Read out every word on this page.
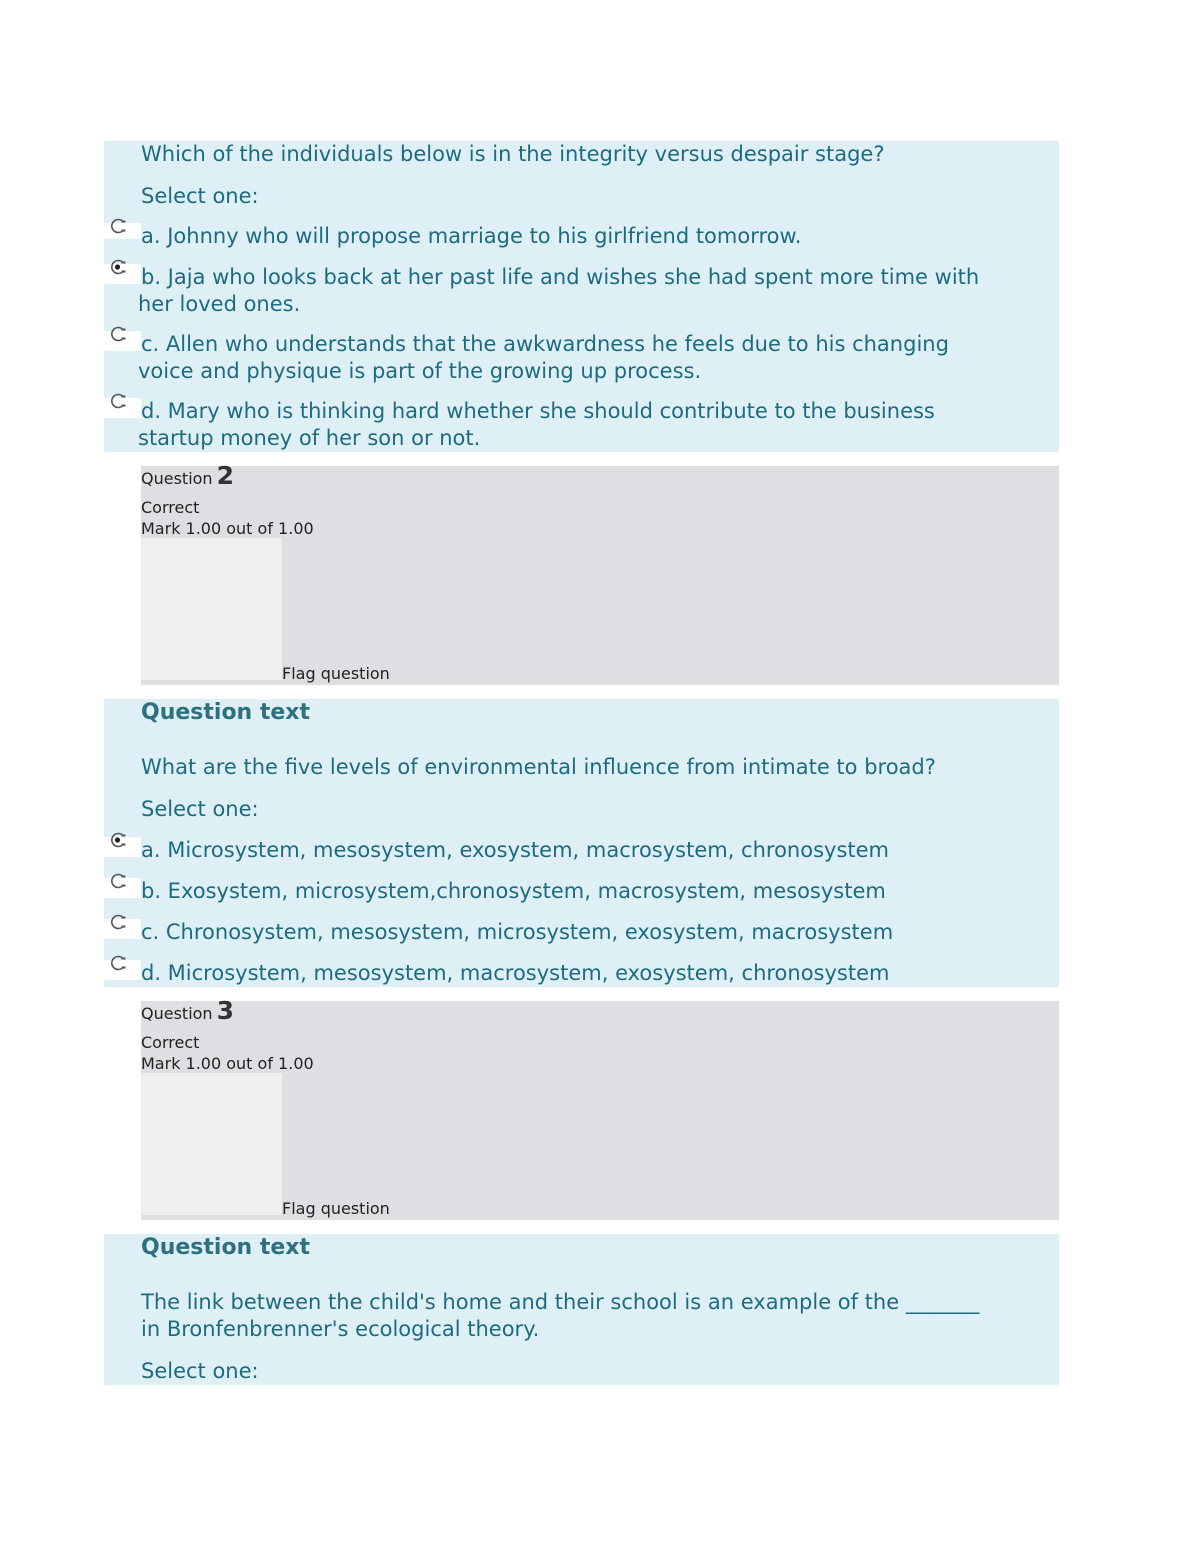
Which of the individuals below is in the integrity versus despair stage?
Select one:
a. Johnny who will propose marriage to his girlfriend tomorrow.
b. Jaja who looks back at her past life and wishes she had spent more time with
her loved ones.
c. Allen who understands that the awkwardness he feels due to his changing
voice and physique is part of the growing up process.
d. Mary who is thinking hard whether she should contribute to the business
startup money of her son or not.
Question 2
Correct
Mark 1.00 out of 1.00
Flag question
Question text
What are the five levels of environmental influence from intimate to broad?
Select one:
a. Microsystem, mesosystem, exosystem, macrosystem, chronosystem
b. Exosystem, microsystem,chronosystem, macrosystem, mesosystem
c. Chronosystem, mesosystem, microsystem, exosystem, macrosystem
d. Microsystem, mesosystem, macrosystem, exosystem, chronosystem
Question 3
Correct
Mark 1.00 out of 1.00
Flag question
Question text
The link between the child's home and their school is an example of the _______
in Bronfenbrenner's ecological theory.
Select one:
